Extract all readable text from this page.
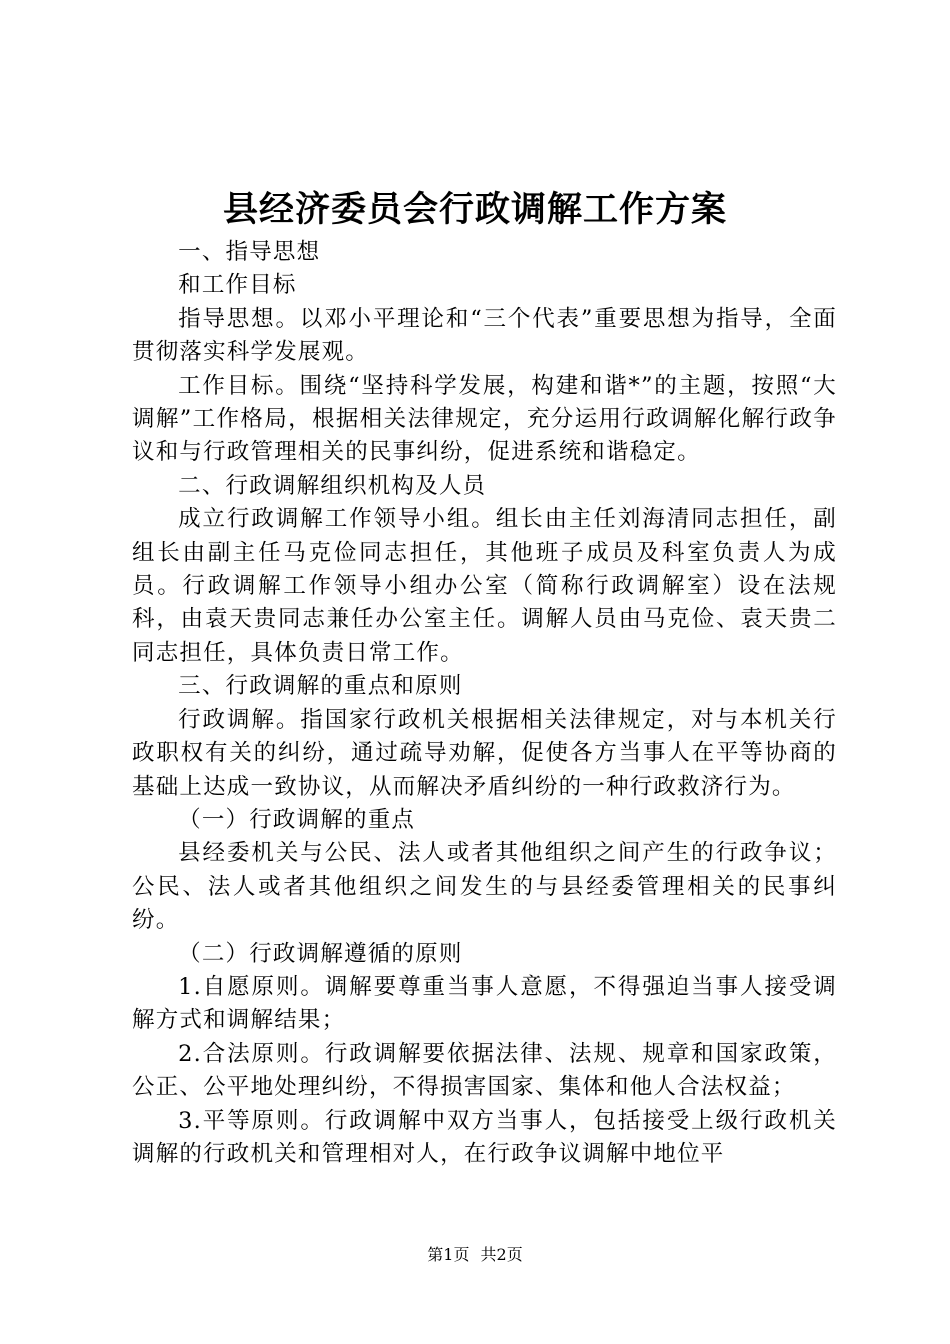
县经济委员会行政调解工作方案

一、指导思想

和工作目标

指导思想。以邓小平理论和“三个代表”重要思想为指导，全面贯彻落实科学发展观。

工作目标。围绕“坚持科学发展，构建和谐*”的主题，按照“大调解”工作格局，根据相关法律规定，充分运用行政调解化解行政争议和与行政管理相关的民事纠纷，促进系统和谐稳定。

二、行政调解组织机构及人员

成立行政调解工作领导小组。组长由主任刘海清同志担任，副组长由副主任马克俭同志担任，其他班子成员及科室负责人为成员。行政调解工作领导小组办公室（简称行政调解室）设在法规科，由袁天贵同志兼任办公室主任。调解人员由马克俭、袁天贵二同志担任，具体负责日常工作。

三、行政调解的重点和原则

行政调解。指国家行政机关根据相关法律规定，对与本机关行政职权有关的纠纷，通过疏导劝解，促使各方当事人在平等协商的基础上达成一致协议，从而解决矛盾纠纷的一种行政救济行为。

（一）行政调解的重点

县经委机关与公民、法人或者其他组织之间产生的行政争议；公民、法人或者其他组织之间发生的与县经委管理相关的民事纠纷。

（二）行政调解遵循的原则

1.自愿原则。调解要尊重当事人意愿，不得强迫当事人接受调解方式和调解结果；

2.合法原则。行政调解要依据法律、法规、规章和国家政策，公正、公平地处理纠纷，不得损害国家、集体和他人合法权益；

3.平等原则。行政调解中双方当事人，包括接受上级行政机关调解的行政机关和管理相对人，在行政争议调解中地位平

第1页 共2页
